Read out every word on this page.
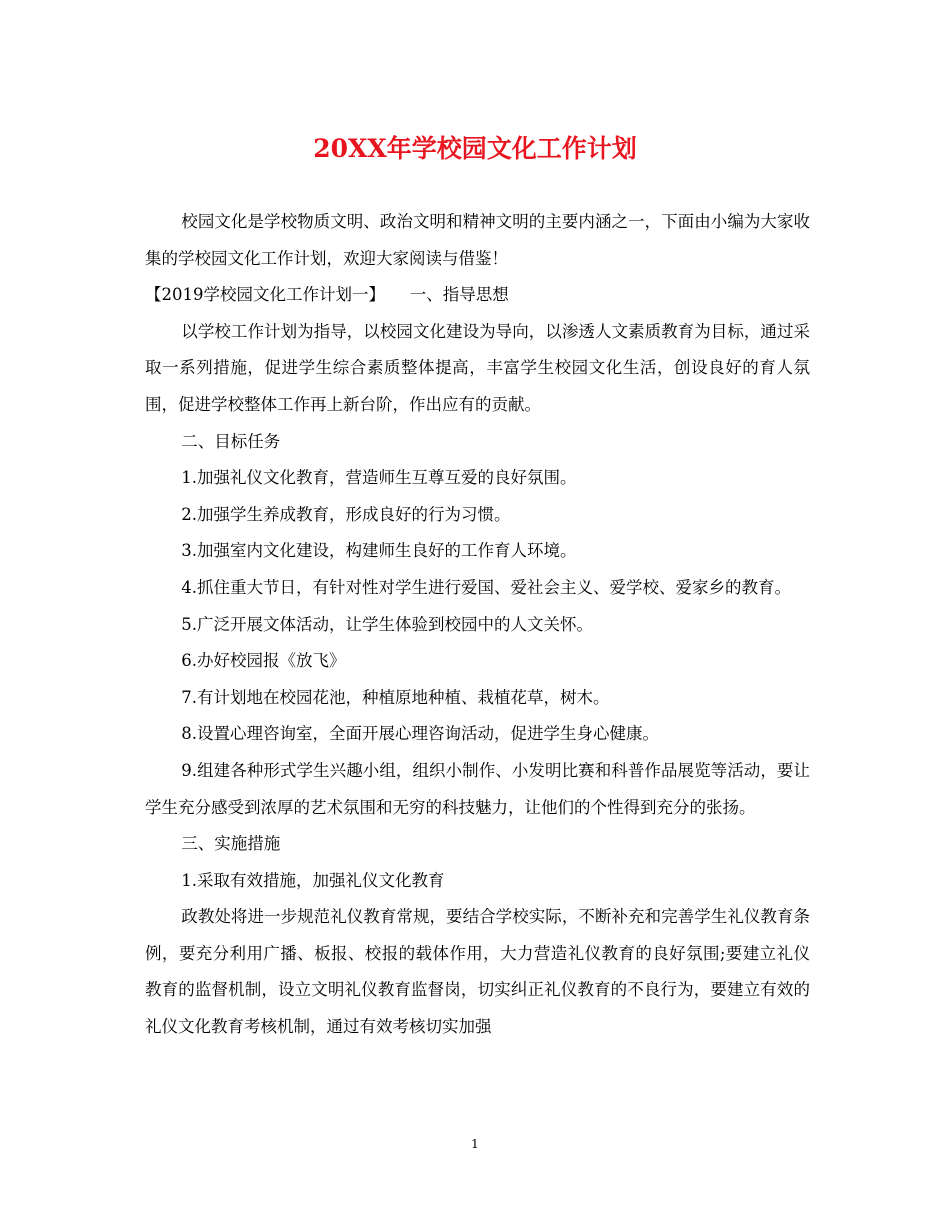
20XX年学校园文化工作计划

校园文化是学校物质文明、政治文明和精神文明的主要内涵之一，下面由小编为大家收集的学校园文化工作计划，欢迎大家阅读与借鉴！

【2019学校园文化工作计划一】　　一、指导思想

以学校工作计划为指导，以校园文化建设为导向，以渗透人文素质教育为目标，通过采取一系列措施，促进学生综合素质整体提高，丰富学生校园文化生活，创设良好的育人氛围，促进学校整体工作再上新台阶，作出应有的贡献。

二、目标任务

1.加强礼仪文化教育，营造师生互尊互爱的良好氛围。

2.加强学生养成教育，形成良好的行为习惯。

3.加强室内文化建设，构建师生良好的工作育人环境。

4.抓住重大节日，有针对性对学生进行爱国、爱社会主义、爱学校、爱家乡的教育。

5.广泛开展文体活动，让学生体验到校园中的人文关怀。

6.办好校园报《放飞》

7.有计划地在校园花池，种植原地种植、栽植花草，树木。

8.设置心理咨询室，全面开展心理咨询活动，促进学生身心健康。

9.组建各种形式学生兴趣小组，组织小制作、小发明比赛和科普作品展览等活动，要让学生充分感受到浓厚的艺术氛围和无穷的科技魅力，让他们的个性得到充分的张扬。

三、实施措施

1.采取有效措施，加强礼仪文化教育

政教处将进一步规范礼仪教育常规，要结合学校实际，不断补充和完善学生礼仪教育条例，要充分利用广播、板报、校报的载体作用，大力营造礼仪教育的良好氛围;要建立礼仪教育的监督机制，设立文明礼仪教育监督岗，切实纠正礼仪教育的不良行为，要建立有效的礼仪文化教育考核机制，通过有效考核切实加强

1
